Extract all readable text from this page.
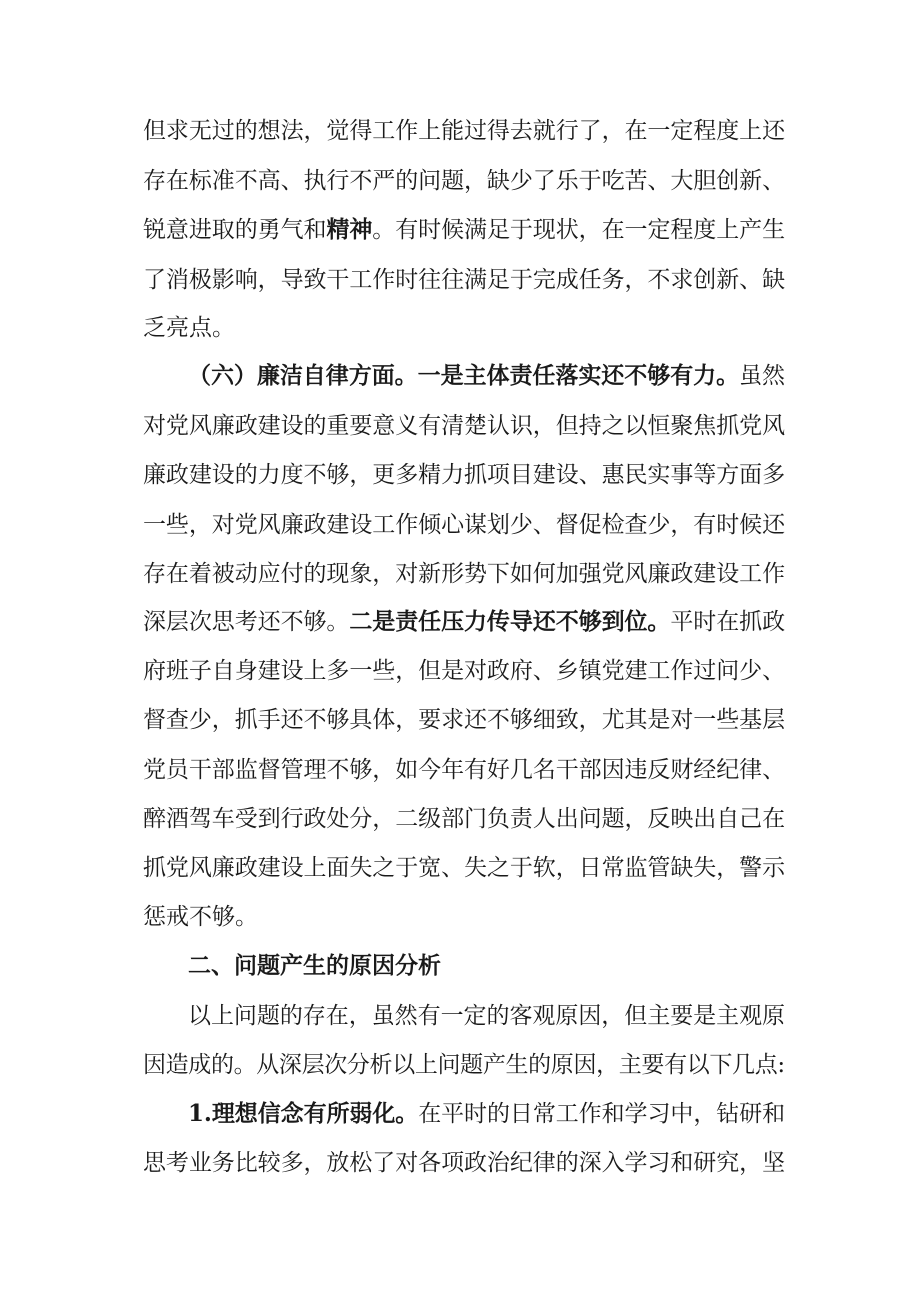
但求无过的想法，觉得工作上能过得去就行了，在一定程度上还
存在标准不高、执行不严的问题，缺少了乐于吃苦、大胆创新、
锐意进取的勇气和精神。有时候满足于现状，在一定程度上产生
了消极影响，导致干工作时往往满足于完成任务，不求创新、缺
乏亮点。
（六）廉洁自律方面。一是主体责任落实还不够有力。虽然
对党风廉政建设的重要意义有清楚认识，但持之以恒聚焦抓党风
廉政建设的力度不够，更多精力抓项目建设、惠民实事等方面多
一些，对党风廉政建设工作倾心谋划少、督促检查少，有时候还
存在着被动应付的现象，对新形势下如何加强党风廉政建设工作
深层次思考还不够。二是责任压力传导还不够到位。平时在抓政
府班子自身建设上多一些，但是对政府、乡镇党建工作过问少、
督查少，抓手还不够具体，要求还不够细致，尤其是对一些基层
党员干部监督管理不够，如今年有好几名干部因违反财经纪律、
醉酒驾车受到行政处分，二级部门负责人出问题，反映出自己在
抓党风廉政建设上面失之于宽、失之于软，日常监管缺失，警示
惩戒不够。
二、问题产生的原因分析
以上问题的存在，虽然有一定的客观原因，但主要是主观原
因造成的。从深层次分析以上问题产生的原因，主要有以下几点:
1.理想信念有所弱化。在平时的日常工作和学习中，钻研和
思考业务比较多，放松了对各项政治纪律的深入学习和研究，坚
